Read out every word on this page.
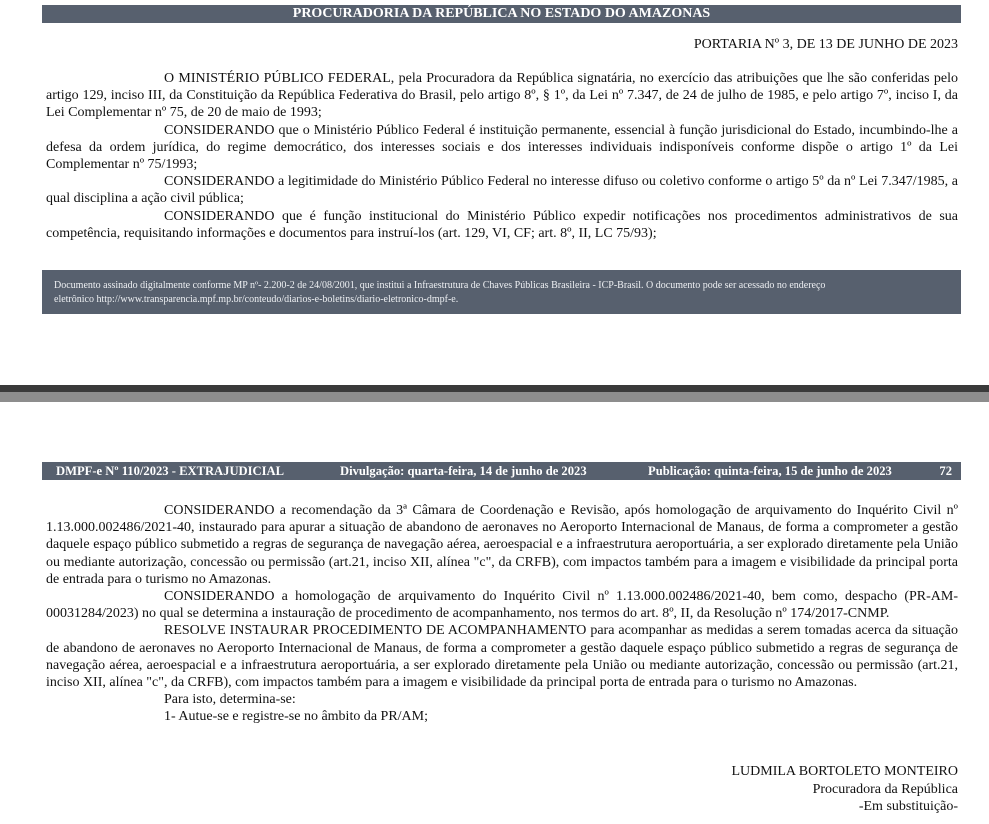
PROCURADORIA DA REPÚBLICA NO ESTADO DO AMAZONAS
PORTARIA Nº 3, DE 13 DE JUNHO DE 2023

O MINISTÉRIO PÚBLICO FEDERAL, pela Procuradora da República signatária, no exercício das atribuições que lhe são conferidas pelo artigo 129, inciso III, da Constituição da República Federativa do Brasil, pelo artigo 8º, § 1º, da Lei nº 7.347, de 24 de julho de 1985, e pelo artigo 7º, inciso I, da Lei Complementar nº 75, de 20 de maio de 1993;

CONSIDERANDO que o Ministério Público Federal é instituição permanente, essencial à função jurisdicional do Estado, incumbindo-lhe a defesa da ordem jurídica, do regime democrático, dos interesses sociais e dos interesses individuais indisponíveis conforme dispõe o artigo 1º da Lei Complementar nº 75/1993;

CONSIDERANDO a legitimidade do Ministério Público Federal no interesse difuso ou coletivo conforme o artigo 5º da nº Lei 7.347/1985, a qual disciplina a ação civil pública;

CONSIDERANDO que é função institucional do Ministério Público expedir notificações nos procedimentos administrativos de sua competência, requisitando informações e documentos para instruí-los (art. 129, VI, CF; art. 8º, II, LC 75/93);

Documento assinado digitalmente conforme MP nº- 2.200-2 de 24/08/2001, que institui a Infraestrutura de Chaves Públicas Brasileira - ICP-Brasil. O documento pode ser acessado no endereço
eletrônico http://www.transparencia.mpf.mp.br/conteudo/diarios-e-boletins/diario-eletronico-dmpf-e.
DMPF-e Nº 110/2023 - EXTRAJUDICIAL	Divulgação: quarta-feira, 14 de junho de 2023	Publicação: quinta-feira, 15 de junho de 2023	72

CONSIDERANDO a recomendação da 3ª Câmara de Coordenação e Revisão, após homologação de arquivamento do Inquérito Civil nº 1.13.000.002486/2021-40, instaurado para apurar a situação de abandono de aeronaves no Aeroporto Internacional de Manaus, de forma a comprometer a gestão daquele espaço público submetido a regras de segurança de navegação aérea, aeroespacial e a infraestrutura aeroportuária, a ser explorado diretamente pela União ou mediante autorização, concessão ou permissão (art.21, inciso XII, alínea "c", da CRFB), com impactos também para a imagem e visibilidade da principal porta de entrada para o turismo no Amazonas.

CONSIDERANDO a homologação de arquivamento do Inquérito Civil nº 1.13.000.002486/2021-40, bem como, despacho (PR-AM-00031284/2023) no qual se determina a instauração de procedimento de acompanhamento, nos termos do art. 8º, II, da Resolução nº 174/2017-CNMP.

RESOLVE INSTAURAR PROCEDIMENTO DE ACOMPANHAMENTO para acompanhar as medidas a serem tomadas acerca da situação de abandono de aeronaves no Aeroporto Internacional de Manaus, de forma a comprometer a gestão daquele espaço público submetido a regras de segurança de navegação aérea, aeroespacial e a infraestrutura aeroportuária, a ser explorado diretamente pela União ou mediante autorização, concessão ou permissão (art.21, inciso XII, alínea "c", da CRFB), com impactos também para a imagem e visibilidade da principal porta de entrada para o turismo no Amazonas.

Para isto, determina-se:

1- Autue-se e registre-se no âmbito da PR/AM;

LUDMILA BORTOLETO MONTEIRO
Procuradora da República
-Em substituição-
